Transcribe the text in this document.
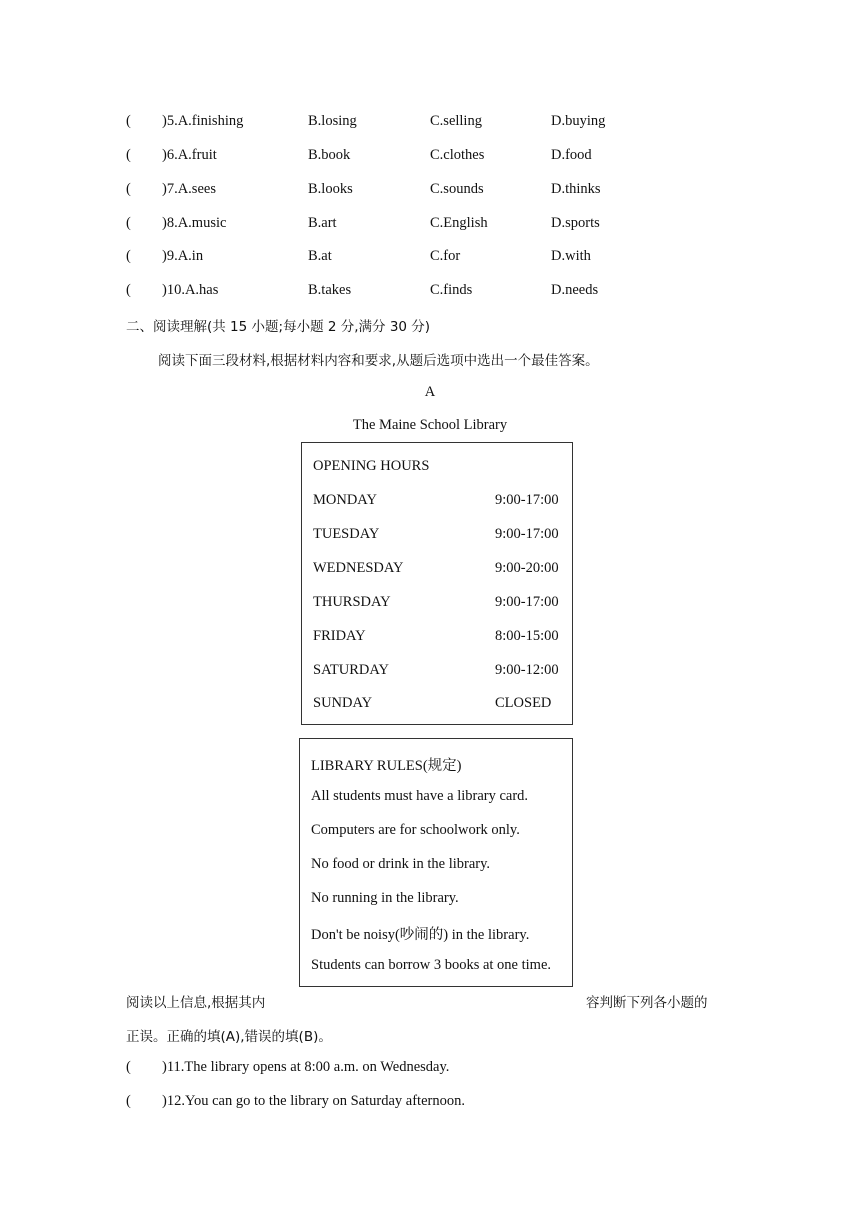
( )5.A.finishing	B.losing	C.selling	D.buying
( )6.A.fruit	B.book	C.clothes	D.food
( )7.A.sees	B.looks	C.sounds	D.thinks
( )8.A.music	B.art	C.English	D.sports
( )9.A.in	B.at	C.for	D.with
( )10.A.has	B.takes	C.finds	D.needs
二、阅读理解(共 15 小题;每小题 2 分,满分 30 分)
阅读下面三段材料,根据材料内容和要求,从题后选项中选出一个最佳答案。
A
The Maine School Library
OPENING HOURS
MONDAY	9:00-17:00
TUESDAY	9:00-17:00
WEDNESDAY	9:00-20:00
THURSDAY	9:00-17:00
FRIDAY	8:00-15:00
SATURDAY	9:00-12:00
SUNDAY	CLOSED
LIBRARY RULES(规定)
All students must have a library card.
Computers are for schoolwork only.
No food or drink in the library.
No running in the library.
Don't be noisy(吵闹的) in the library.
Students can borrow 3 books at one time.
阅读以上信息,根据其内	容判断下列各小题的
正误。正确的填(A),错误的填(B)。
( )11.The library opens at 8:00 a.m. on Wednesday.
( )12.You can go to the library on Saturday afternoon.
